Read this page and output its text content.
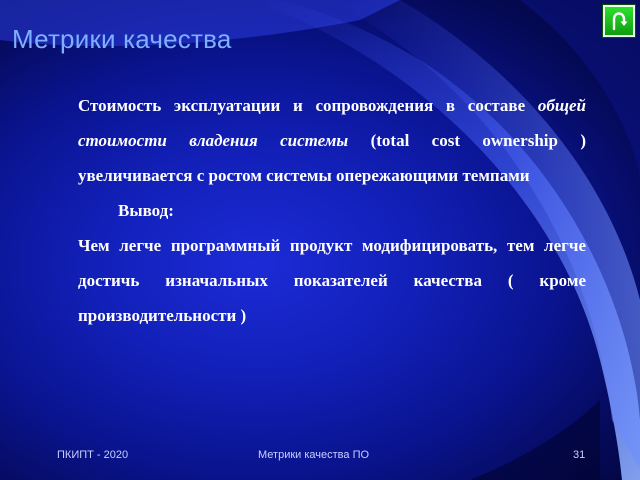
Метрики качества

Стоимость эксплуатации и сопровождения в составе общей стоимости владения системы (total cost ownership ) увеличивается с ростом системы опережающими темпами

Вывод:

Чем легче программный продукт модифицировать, тем легче достичь изначальных показателей качества ( кроме производительности )

ПКИПТ - 2020	Метрики качества ПО	31
